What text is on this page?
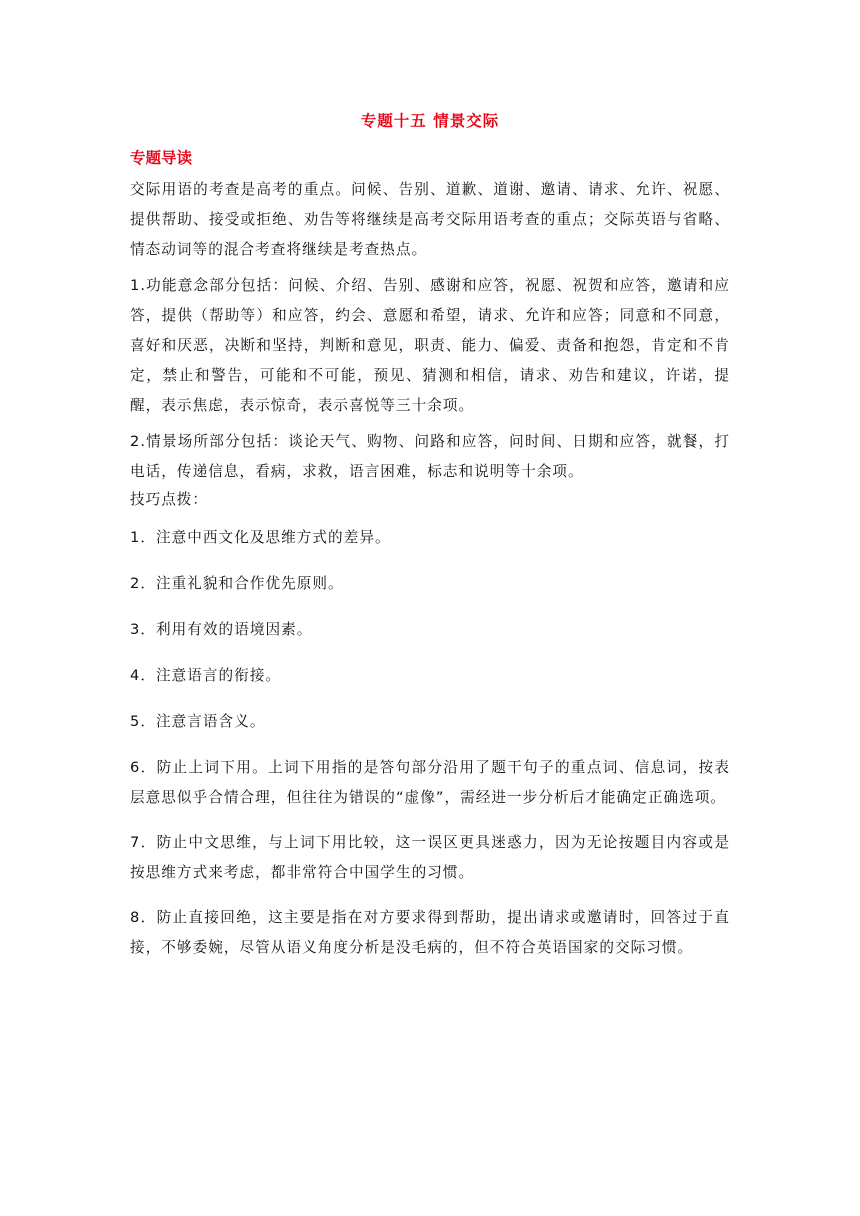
专题十五 情景交际
专题导读

交际用语的考查是高考的重点。问候、告别、道歉、道谢、邀请、请求、允许、祝愿、提供帮助、接受或拒绝、劝告等将继续是高考交际用语考查的重点；交际英语与省略、情态动词等的混合考查将继续是考查热点。

1.功能意念部分包括：问候、介绍、告别、感谢和应答，祝愿、祝贺和应答，邀请和应答，提供（帮助等）和应答，约会、意愿和希望，请求、允许和应答；同意和不同意，喜好和厌恶，决断和坚持，判断和意见，职责、能力、偏爱、责备和抱怨，肯定和不肯定，禁止和警告，可能和不可能，预见、猜测和相信，请求、劝告和建议，许诺，提醒，表示焦虑，表示惊奇，表示喜悦等三十余项。

2.情景场所部分包括：谈论天气、购物、问路和应答，问时间、日期和应答，就餐，打电话，传递信息，看病，求救，语言困难，标志和说明等十余项。

技巧点拨：

1．注意中西文化及思维方式的差异。

2．注重礼貌和合作优先原则。

3．利用有效的语境因素。

4．注意语言的衔接。

5．注意言语含义。

6．防止上词下用。上词下用指的是答句部分沿用了题干句子的重点词、信息词，按表层意思似乎合情合理，但往往为错误的“虚像”，需经进一步分析后才能确定正确选项。

7．防止中文思维，与上词下用比较，这一误区更具迷惑力，因为无论按题目内容或是按思维方式来考虑，都非常符合中国学生的习惯。

8．防止直接回绝，这主要是指在对方要求得到帮助，提出请求或邀请时，回答过于直接，不够委婉，尽管从语义角度分析是没毛病的，但不符合英语国家的交际习惯。
